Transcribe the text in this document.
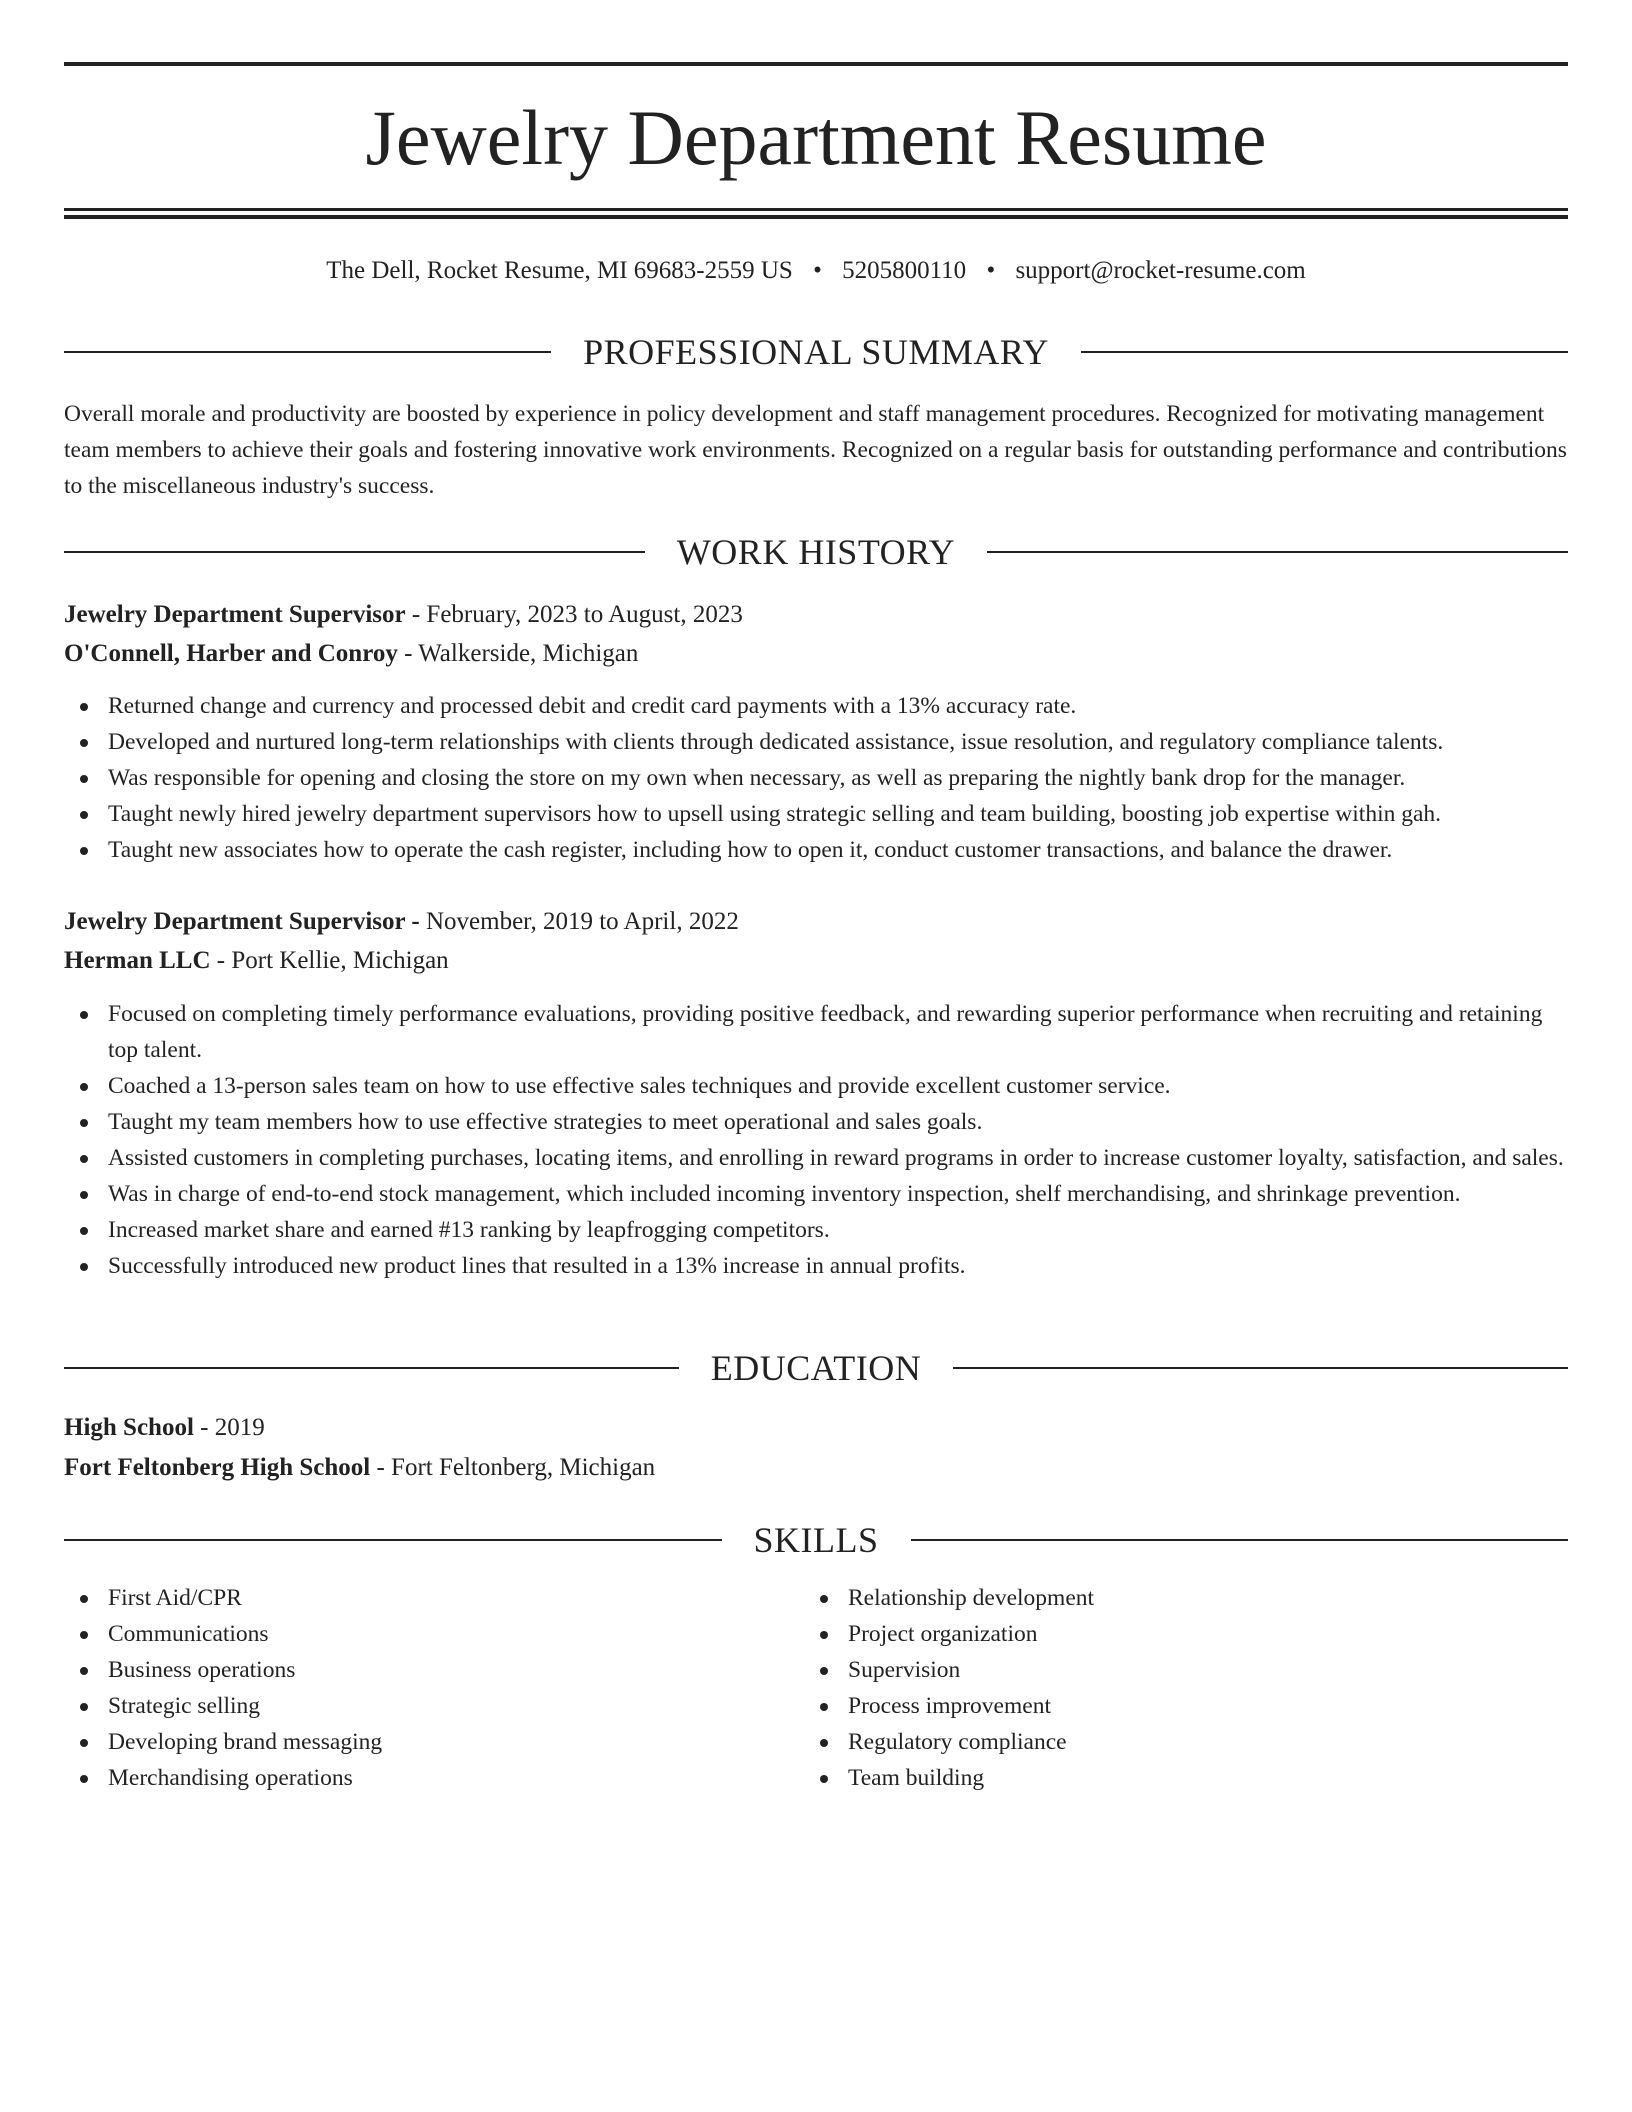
Jewelry Department Resume
The Dell, Rocket Resume, MI 69683-2559 US • 5205800110 • support@rocket-resume.com
PROFESSIONAL SUMMARY

Overall morale and productivity are boosted by experience in policy development and staff management procedures. Recognized for motivating management team members to achieve their goals and fostering innovative work environments. Recognized on a regular basis for outstanding performance and contributions to the miscellaneous industry's success.

WORK HISTORY
Jewelry Department Supervisor - February, 2023 to August, 2023
O'Connell, Harber and Conroy - Walkerside, Michigan
Returned change and currency and processed debit and credit card payments with a 13% accuracy rate.
Developed and nurtured long-term relationships with clients through dedicated assistance, issue resolution, and regulatory compliance talents.
Was responsible for opening and closing the store on my own when necessary, as well as preparing the nightly bank drop for the manager.
Taught newly hired jewelry department supervisors how to upsell using strategic selling and team building, boosting job expertise within gah.
Taught new associates how to operate the cash register, including how to open it, conduct customer transactions, and balance the drawer.
Jewelry Department Supervisor - November, 2019 to April, 2022
Herman LLC - Port Kellie, Michigan
Focused on completing timely performance evaluations, providing positive feedback, and rewarding superior performance when recruiting and retaining top talent.
Coached a 13-person sales team on how to use effective sales techniques and provide excellent customer service.
Taught my team members how to use effective strategies to meet operational and sales goals.
Assisted customers in completing purchases, locating items, and enrolling in reward programs in order to increase customer loyalty, satisfaction, and sales.
Was in charge of end-to-end stock management, which included incoming inventory inspection, shelf merchandising, and shrinkage prevention.
Increased market share and earned #13 ranking by leapfrogging competitors.
Successfully introduced new product lines that resulted in a 13% increase in annual profits.
EDUCATION
High School - 2019
Fort Feltonberg High School - Fort Feltonberg, Michigan
SKILLS
First Aid/CPR
Communications
Business operations
Strategic selling
Developing brand messaging
Merchandising operations
Relationship development
Project organization
Supervision
Process improvement
Regulatory compliance
Team building
